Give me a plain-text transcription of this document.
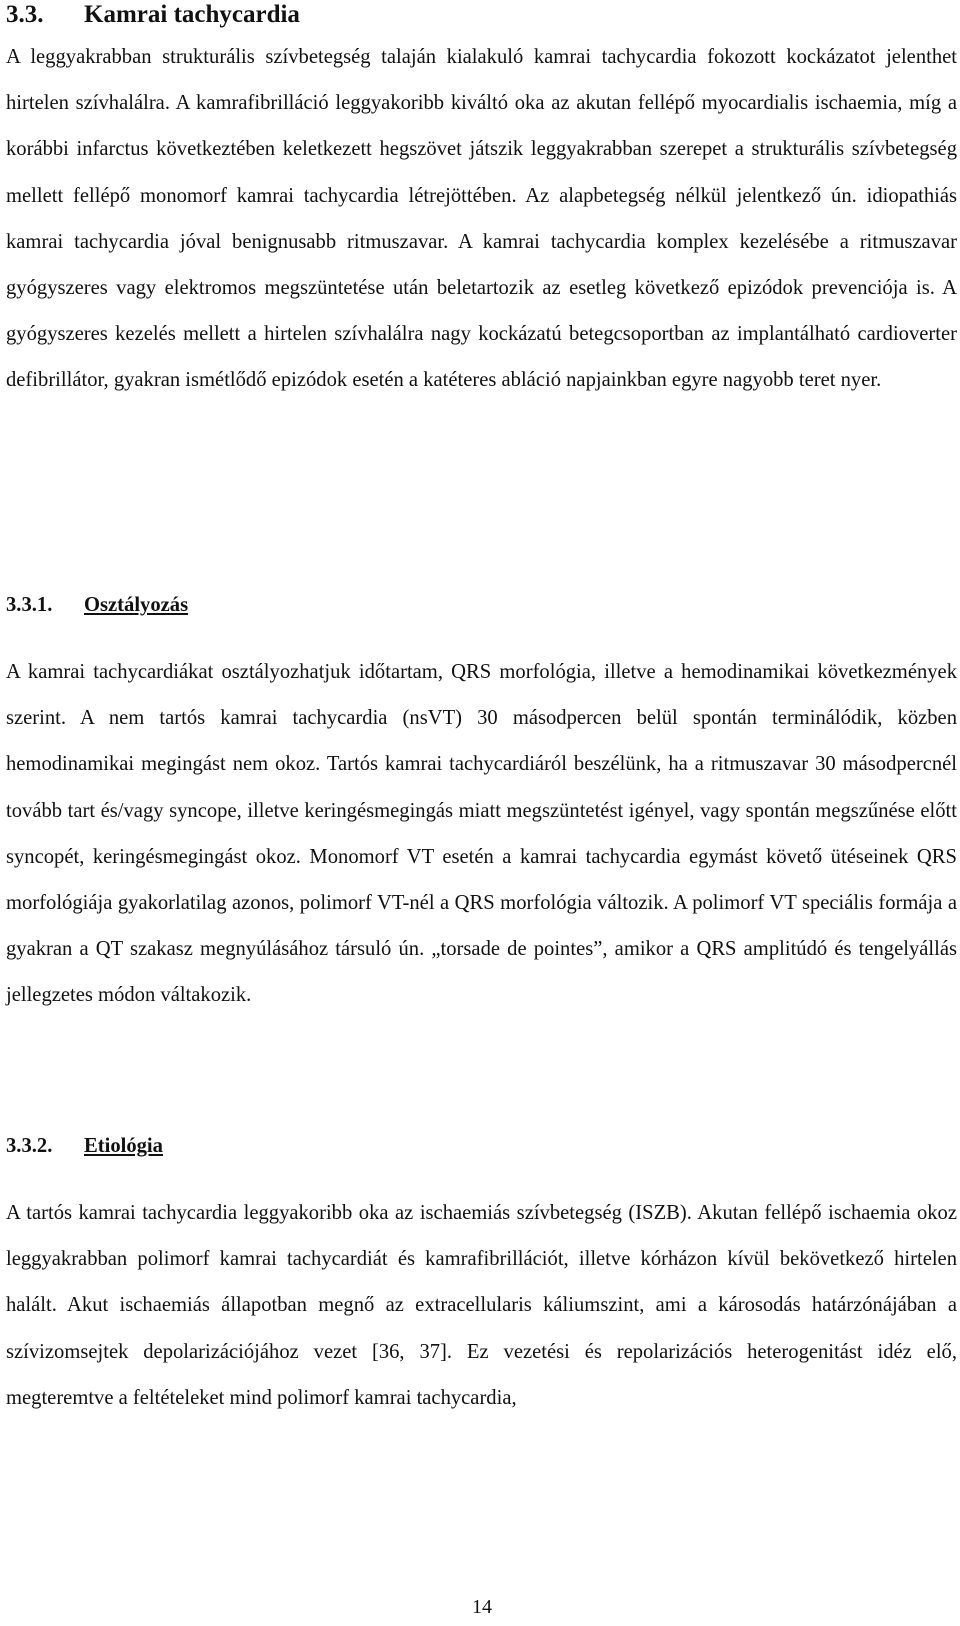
3.3. Kamrai tachycardia

A leggyakrabban strukturális szívbetegség talaján kialakuló kamrai tachycardia fokozott kockázatot jelenthet hirtelen szívhalálra. A kamrafibrilláció leggyakoribb kiváltó oka az akutan fellépő myocardialis ischaemia, míg a korábbi infarctus következtében keletkezett hegszövet játszik leggyakrabban szerepet a strukturális szívbetegség mellett fellépő monomorf kamrai tachycardia létrejöttében. Az alapbetegség nélkül jelentkező ún. idiopathiás kamrai tachycardia jóval benignusabb ritmuszavar. A kamrai tachycardia komplex kezelésébe a ritmuszavar gyógyszeres vagy elektromos megszüntetése után beletartozik az esetleg következő epizódok prevenciója is. A gyógyszeres kezelés mellett a hirtelen szívhalálra nagy kockázatú betegcsoportban az implantálható cardioverter defibrillátor, gyakran ismétlődő epizódok esetén a katéteres abláció napjainkban egyre nagyobb teret nyer.

3.3.1. Osztályozás

A kamrai tachycardiákat osztályozhatjuk időtartam, QRS morfológia, illetve a hemodinamikai következmények szerint. A nem tartós kamrai tachycardia (nsVT) 30 másodpercen belül spontán terminálódik, közben hemodinamikai megingást nem okoz. Tartós kamrai tachycardiáról beszélünk, ha a ritmuszavar 30 másodpercnél tovább tart és/vagy syncope, illetve keringésmegingás miatt megszüntetést igényel, vagy spontán megszűnése előtt syncopét, keringésmegingást okoz. Monomorf VT esetén a kamrai tachycardia egymást követő ütéseinek QRS morfológiája gyakorlatilag azonos, polimorf VT-nél a QRS morfológia változik. A polimorf VT speciális formája a gyakran a QT szakasz megnyúlásához társuló ún. „torsade de pointes”, amikor a QRS amplitúdó és tengelyállás jellegzetes módon váltakozik.

3.3.2. Etiológia

A tartós kamrai tachycardia leggyakoribb oka az ischaemiás szívbetegség (ISZB). Akutan fellépő ischaemia okoz leggyakrabban polimorf kamrai tachycardiát és kamrafibrillációt, illetve kórházon kívül bekövetkező hirtelen halált. Akut ischaemiás állapotban megnő az extracellularis káliumszint, ami a károsodás határzónájában a szívizomsejtek depolarizációjához vezet [36, 37]. Ez vezetési és repolarizációs heterogenitást idéz elő, megteremtve a feltételeket mind polimorf kamrai tachycardia,

14
